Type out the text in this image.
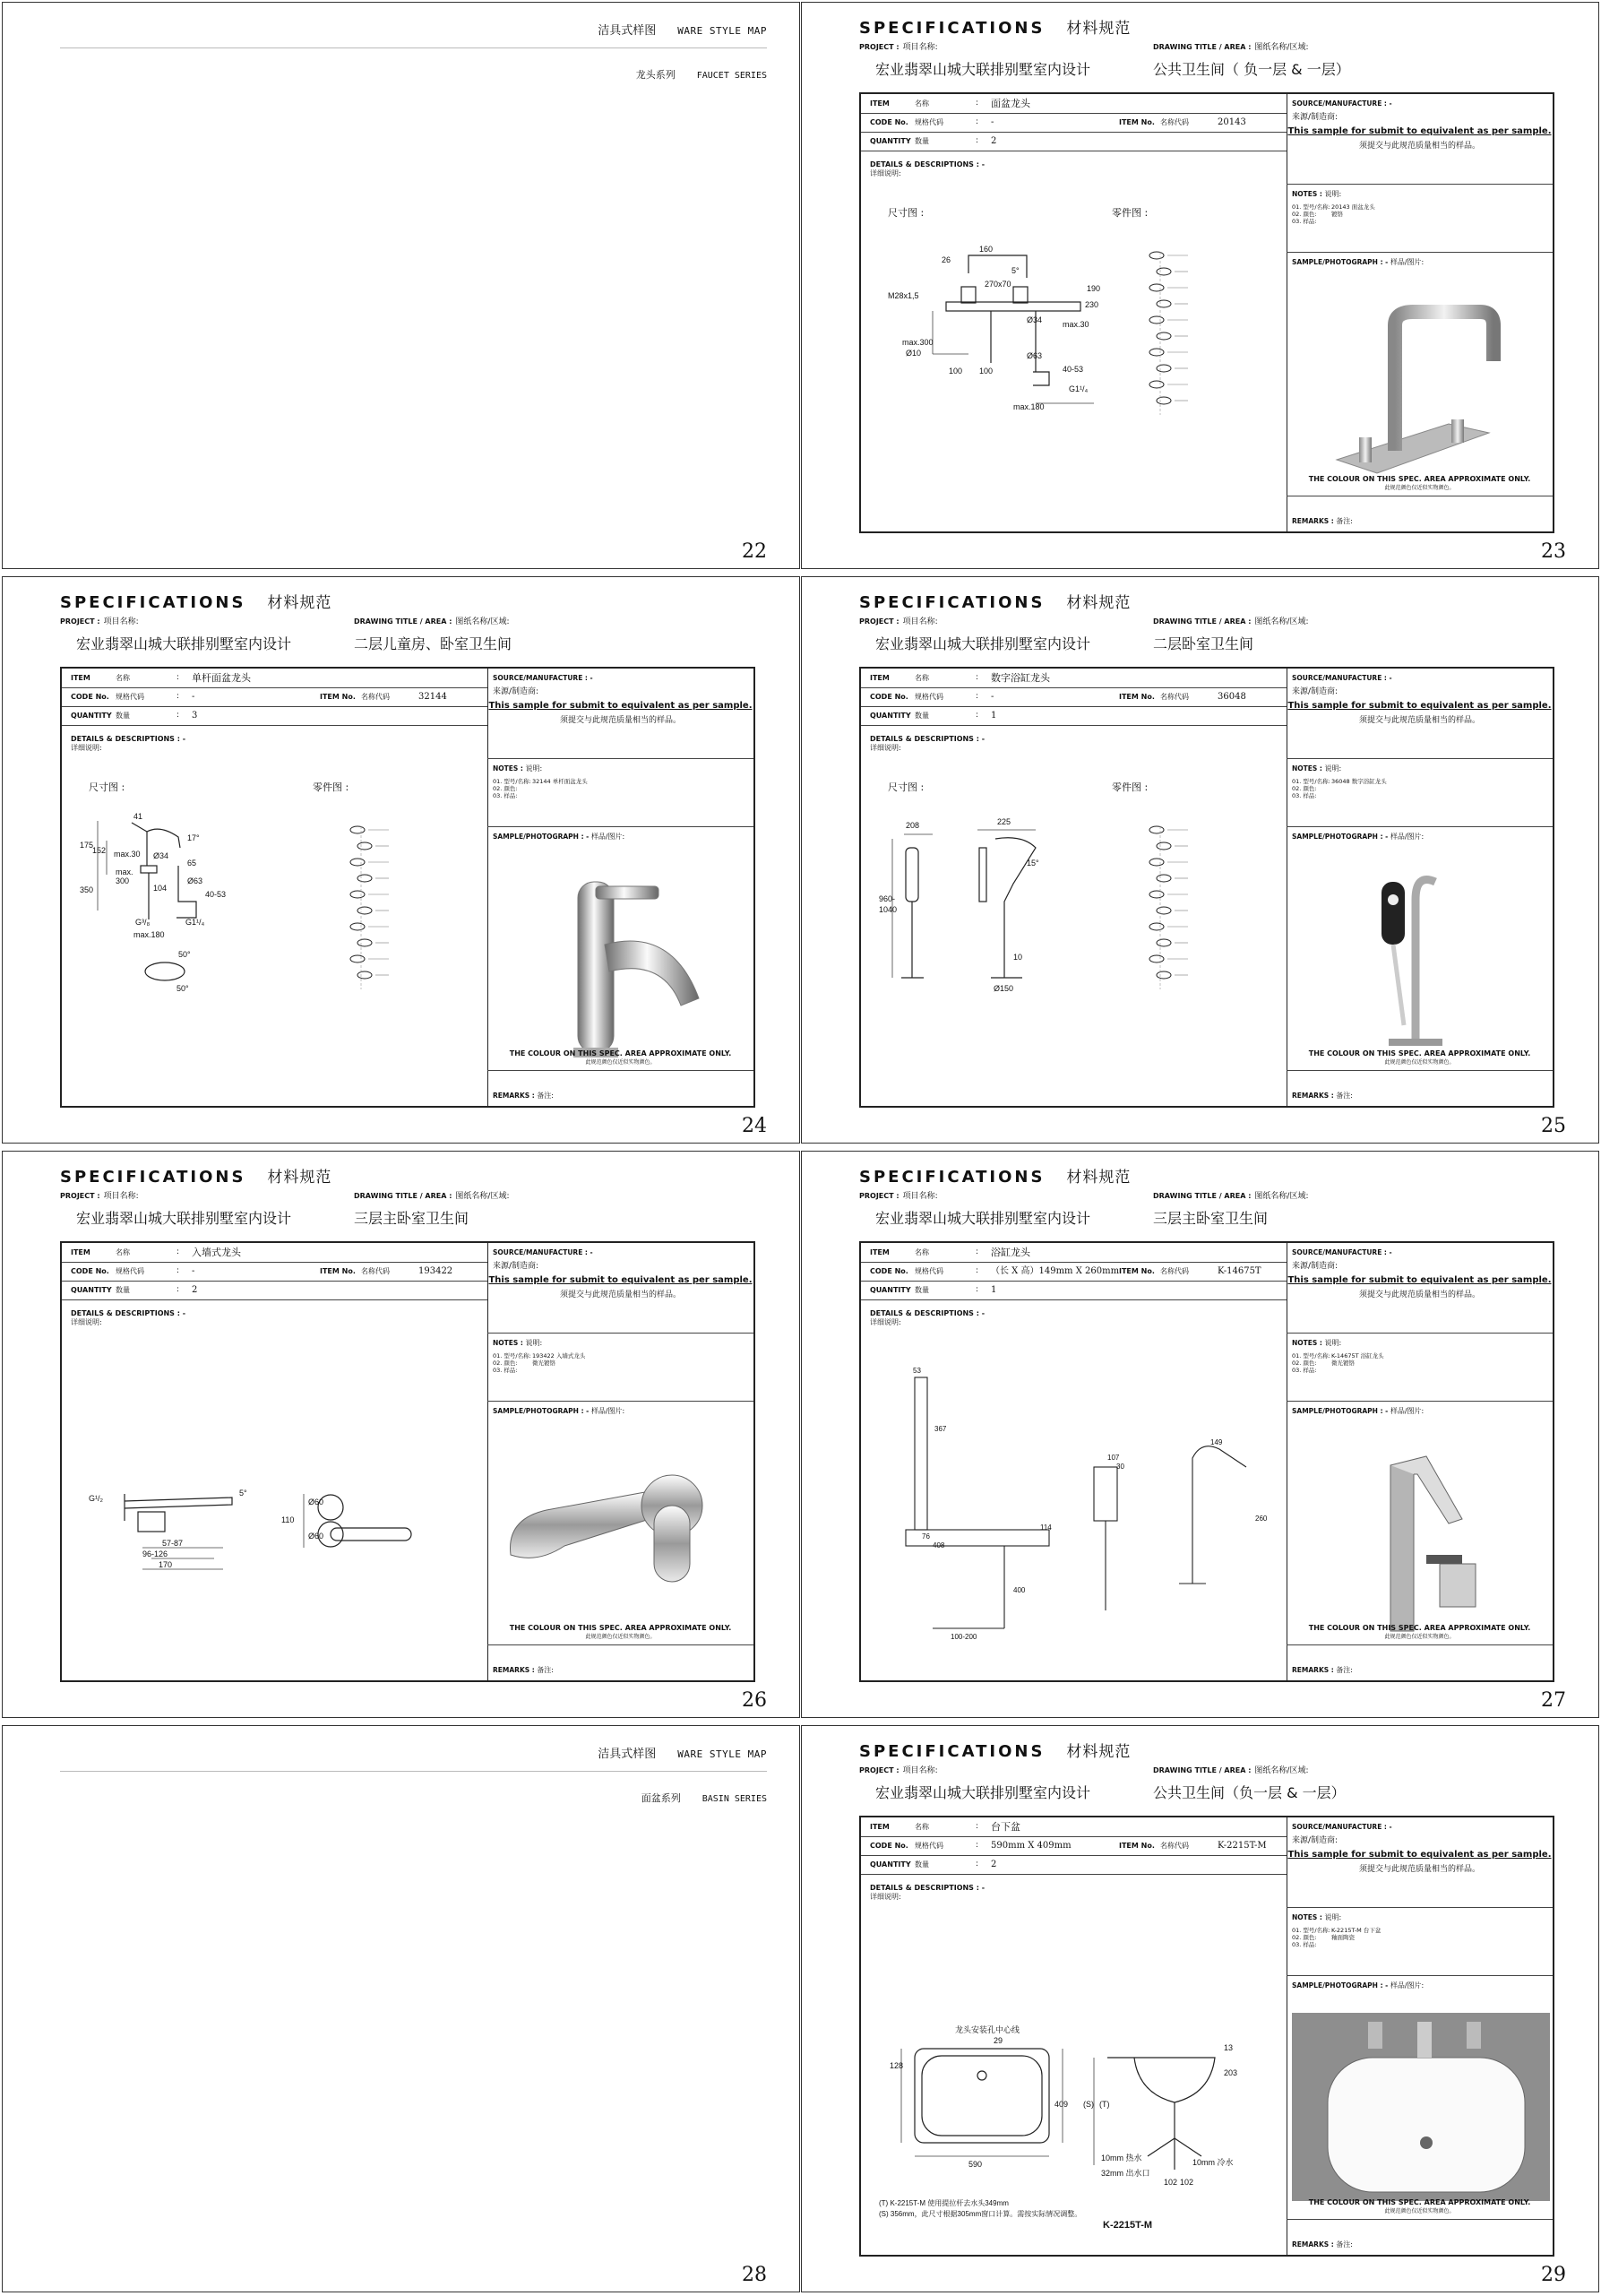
洁具式样图 WARE STYLE MAP
龙头系列 FAUCET SERIES
22
SPECIFICATIONS 材料规范
PROJECT : 项目名称:	DRAWING TITLE / AREA : 图纸名称/区域:
宏业翡翠山城大联排别墅室内设计	公共卫生间（ 负一层 & 一层）
ITEM	名称	: 面盆龙头
CODE No. 规格代码	: -	ITEM No. 名称代码	20143
QUANTITY 数量	: 2
DETAILS & DESCRIPTIONS : -
详细说明:
尺寸图 :	零件图 :
160
26
5°
270x70	190
230
M28x1,5
Ø34	max.30
max.300
Ø10	Ø63
100 100	40-53
G1¹/₄
max.180
SOURCE/MANUFACTURE : -
来源/制造商:
This sample for submit to equivalent as per sample.
须提交与此规范质量相当的样品。
NOTES : 说明:
01. 型号/名称:20143 面盆龙头
02. 颜色:	镀铬
03. 样品:
SAMPLE/PHOTOGRAPH : - 样品/图片:
THE COLOUR ON THIS SPEC. AREA APPROXIMATE ONLY.
此规范颜色仅近似实物颜色。
REMARKS : 备注:
23
SPECIFICATIONS 材料规范
PROJECT : 项目名称:	DRAWING TITLE / AREA : 图纸名称/区域:
宏业翡翠山城大联排别墅室内设计	二层儿童房、卧室卫生间
ITEM	名称	: 单杆面盆龙头
CODE No. 规格代码	: -	ITEM No. 名称代码	32144
QUANTITY 数量	: 3
DETAILS & DESCRIPTIONS : -
详细说明:
尺寸图 :	零件图 :
41
17°
175
152 max.30 Ø34
65
max.
300
350	104
Ø63
40-53
G³/₈	G1¹/₄
max.180
50°
50°
SOURCE/MANUFACTURE : -
来源/制造商:
This sample for submit to equivalent as per sample.
须提交与此规范质量相当的样品。
NOTES : 说明:
01. 型号/名称:32144 单杆面盆龙头
02. 颜色:
03. 样品:
SAMPLE/PHOTOGRAPH : - 样品/图片:
THE COLOUR ON THIS SPEC. AREA APPROXIMATE ONLY.
此规范颜色仅近似实物颜色。
REMARKS : 备注:
24
SPECIFICATIONS 材料规范
PROJECT : 项目名称:	DRAWING TITLE / AREA : 图纸名称/区域:
宏业翡翠山城大联排别墅室内设计	二层卧室卫生间
ITEM	名称	: 数字浴缸龙头
CODE No. 规格代码	: -	ITEM No. 名称代码	36048
QUANTITY 数量	: 1
DETAILS & DESCRIPTIONS : -
详细说明:
尺寸图 :	零件图 :
208	225
15°
960-
1040
10
Ø150
SOURCE/MANUFACTURE : -
来源/制造商:
This sample for submit to equivalent as per sample.
须提交与此规范质量相当的样品。
NOTES : 说明:
01. 型号/名称:36048 数字浴缸龙头
02. 颜色:
03. 样品:
SAMPLE/PHOTOGRAPH : - 样品/图片:
THE COLOUR ON THIS SPEC. AREA APPROXIMATE ONLY.
此规范颜色仅近似实物颜色。
REMARKS : 备注:
25
SPECIFICATIONS 材料规范
PROJECT : 项目名称:	DRAWING TITLE / AREA : 图纸名称/区域:
宏业翡翠山城大联排别墅室内设计	三层主卧室卫生间
ITEM	名称	: 入墙式龙头
CODE No. 规格代码	: -	ITEM No. 名称代码	193422
QUANTITY 数量	: 2
DETAILS & DESCRIPTIONS : -
详细说明:
G¹/₂
5°
57-87
96-126
170
Ø60
110
Ø60
SOURCE/MANUFACTURE : -
来源/制造商:
This sample for submit to equivalent as per sample.
须提交与此规范质量相当的样品。
NOTES : 说明:
01. 型号/名称:193422 入墙式龙头
02. 颜色:	微光镀铬
03. 样品:
SAMPLE/PHOTOGRAPH : - 样品/图片:
THE COLOUR ON THIS SPEC. AREA APPROXIMATE ONLY.
此规范颜色仅近似实物颜色。
REMARKS : 备注:
26
SPECIFICATIONS 材料规范
PROJECT : 项目名称:	DRAWING TITLE / AREA : 图纸名称/区域:
宏业翡翠山城大联排别墅室内设计	三层主卧室卫生间
ITEM	名称	: 浴缸龙头
CODE No. 规格代码	: （长 X 高）149mm X 260mm ITEM No. 名称代码	K-14675T
QUANTITY 数量	: 1
DETAILS & DESCRIPTIONS : -
详细说明:
53
367
107
30
149
408
260
114
76
400
100-200
SOURCE/MANUFACTURE : -
来源/制造商:
This sample for submit to equivalent as per sample.
须提交与此规范质量相当的样品。
NOTES : 说明:
01. 型号/名称:K-14675T 浴缸龙头
02. 颜色:	微光镀铬
03. 样品:
SAMPLE/PHOTOGRAPH : - 样品/图片:
THE COLOUR ON THIS SPEC. AREA APPROXIMATE ONLY.
此规范颜色仅近似实物颜色。
REMARKS : 备注:
27
洁具式样图 WARE STYLE MAP
面盆系列 BASIN SERIES
28
SPECIFICATIONS 材料规范
PROJECT : 项目名称:	DRAWING TITLE / AREA : 图纸名称/区域:
宏业翡翠山城大联排别墅室内设计	公共卫生间（负一层 & 一层）
ITEM	名称	: 台下盆
CODE No. 规格代码	: 590mm X 409mm	ITEM No. 名称代码	K-2215T-M
QUANTITY 数量	: 2
DETAILS & DESCRIPTIONS : -
详细说明:
龙头安装孔中心线
29
128
409
590
13
203
(S) (T)
10mm 热水	10mm 冷水
32mm 出水口
102 102
(T) K-2215T-M 使用提拉杆去水头349mm
(S) 356mm，此尺寸根据305mm窗口计算。需按实际情况调整。
K-2215T-M
SOURCE/MANUFACTURE : -
来源/制造商:
This sample for submit to equivalent as per sample.
须提交与此规范质量相当的样品。
NOTES : 说明:
01. 型号/名称:K-2215T-M 台下盆
02. 颜色:	釉面陶瓷
03. 样品:
SAMPLE/PHOTOGRAPH : - 样品/图片:
THE COLOUR ON THIS SPEC. AREA APPROXIMATE ONLY.
此规范颜色仅近似实物颜色。
REMARKS : 备注:
29
